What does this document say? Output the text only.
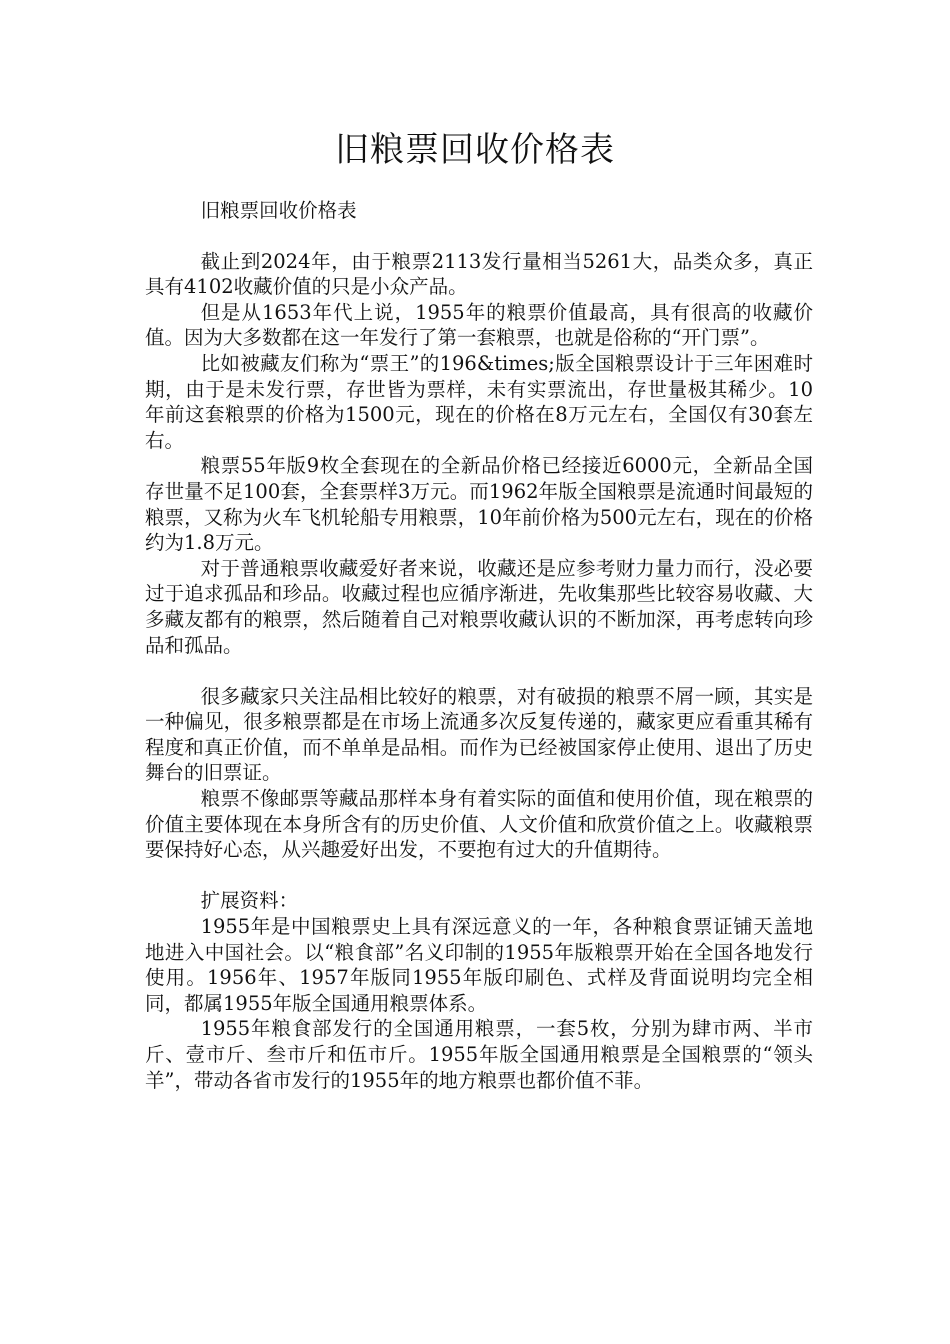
旧粮票回收价格表

旧粮票回收价格表

截止到2024年，由于粮票2113发行量相当5261大，品类众多，真正具有4102收藏价值的只是小众产品。

但是从1653年代上说，1955年的粮票价值最高，具有很高的收藏价值。因为大多数都在这一年发行了第一套粮票，也就是俗称的“开门票”。

比如被藏友们称为“票王”的196&times;版全国粮票设计于三年困难时期，由于是未发行票，存世皆为票样，未有实票流出，存世量极其稀少。10年前这套粮票的价格为1500元，现在的价格在8万元左右，全国仅有30套左右。

粮票55年版9枚全套现在的全新品价格已经接近6000元，全新品全国存世量不足100套，全套票样3万元。而1962年版全国粮票是流通时间最短的粮票，又称为火车飞机轮船专用粮票，10年前价格为500元左右，现在的价格约为1.8万元。

对于普通粮票收藏爱好者来说，收藏还是应参考财力量力而行，没必要过于追求孤品和珍品。收藏过程也应循序渐进，先收集那些比较容易收藏、大多藏友都有的粮票，然后随着自己对粮票收藏认识的不断加深，再考虑转向珍品和孤品。

很多藏家只关注品相比较好的粮票，对有破损的粮票不屑一顾，其实是一种偏见，很多粮票都是在市场上流通多次反复传递的，藏家更应看重其稀有程度和真正价值，而不单单是品相。而作为已经被国家停止使用、退出了历史舞台的旧票证。

粮票不像邮票等藏品那样本身有着实际的面值和使用价值，现在粮票的价值主要体现在本身所含有的历史价值、人文价值和欣赏价值之上。收藏粮票要保持好心态，从兴趣爱好出发，不要抱有过大的升值期待。

扩展资料：

1955年是中国粮票史上具有深远意义的一年，各种粮食票证铺天盖地地进入中国社会。以“粮食部”名义印制的1955年版粮票开始在全国各地发行使用。1956年、1957年版同1955年版印刷色、式样及背面说明均完全相同，都属1955年版全国通用粮票体系。

1955年粮食部发行的全国通用粮票，一套5枚，分别为肆市两、半市斤、壹市斤、叁市斤和伍市斤。1955年版全国通用粮票是全国粮票的“领头羊”，带动各省市发行的1955年的地方粮票也都价值不菲。
